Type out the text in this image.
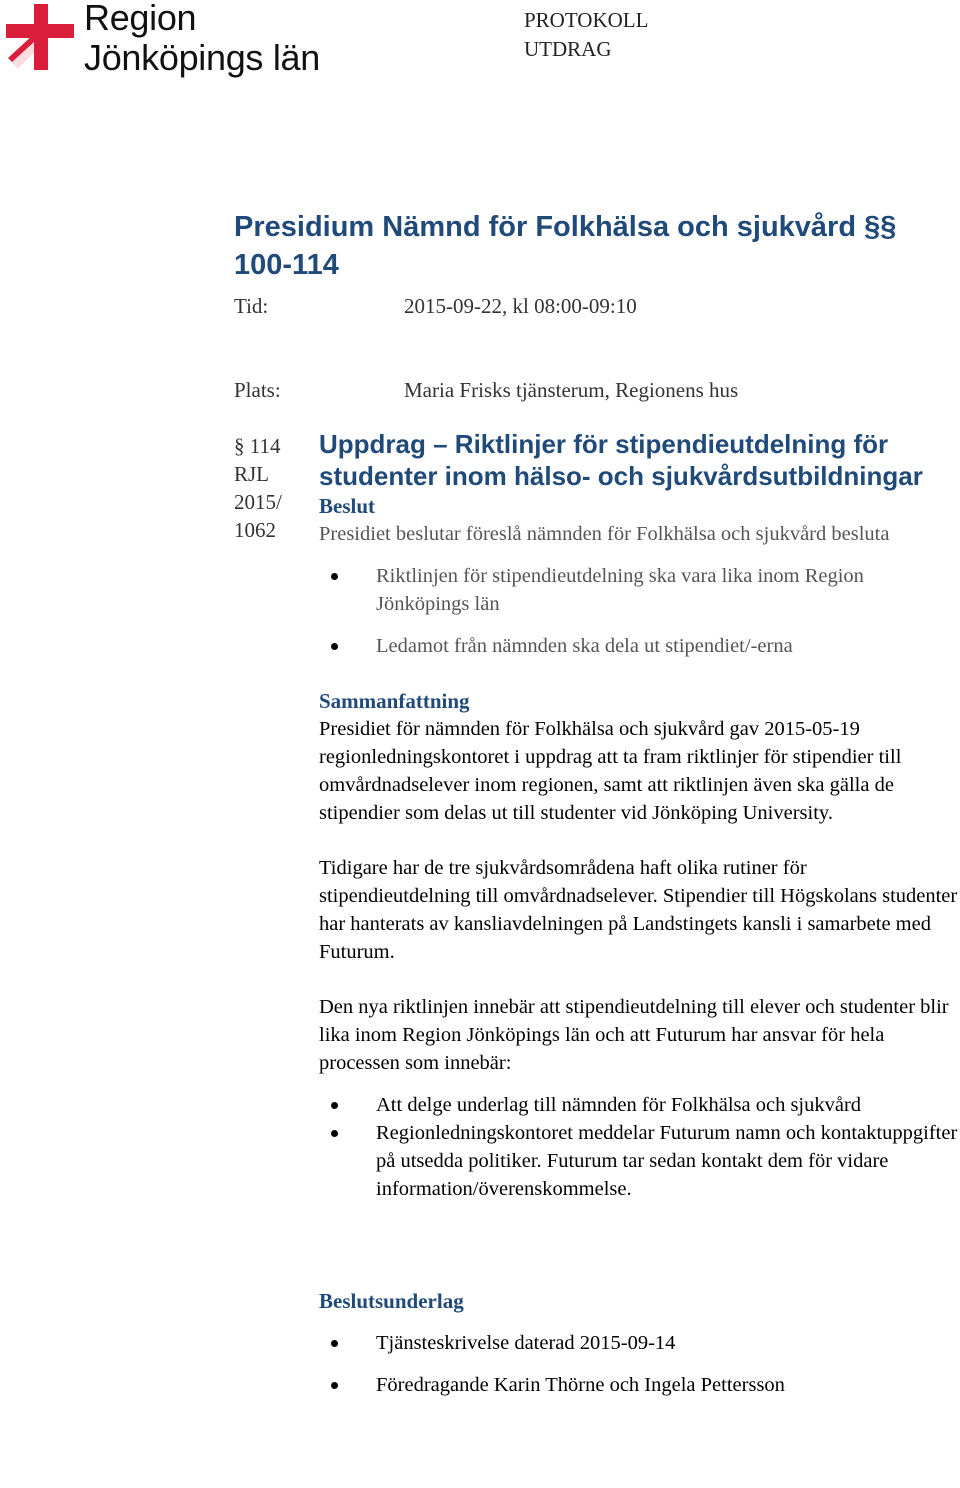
Region
Jönköpings län
PROTOKOLL
UTDRAG
Presidium Nämnd för Folkhälsa och sjukvård §§ 100-114
Tid:	2015-09-22, kl 08:00-09:10
Plats:	Maria Frisks tjänsterum, Regionens hus
§ 114
RJL
2015/
1062
Uppdrag – Riktlinjer för stipendieutdelning för studenter inom hälso- och sjukvårdsutbildningar

Beslut

Presidiet beslutar föreslå nämnden för Folkhälsa och sjukvård besluta

Riktlinjen för stipendieutdelning ska vara lika inom Region Jönköpings län
Ledamot från nämnden ska dela ut stipendiet/-erna

Sammanfattning

Presidiet för nämnden för Folkhälsa och sjukvård gav 2015-05-19 regionledningskontoret i uppdrag att ta fram riktlinjer för stipendier till omvårdnadselever inom regionen, samt att riktlinjen även ska gälla de stipendier som delas ut till studenter vid Jönköping University.

Tidigare har de tre sjukvårdsområdena haft olika rutiner för stipendieutdelning till omvårdnadselever. Stipendier till Högskolans studenter har hanterats av kansliavdelningen på Landstingets kansli i samarbete med Futurum.

Den nya riktlinjen innebär att stipendieutdelning till elever och studenter blir lika inom Region Jönköpings län och att Futurum har ansvar för hela processen som innebär:

Att delge underlag till nämnden för Folkhälsa och sjukvård
Regionledningskontoret meddelar Futurum namn och kontaktuppgifter på utsedda politiker. Futurum tar sedan kontakt dem för vidare information/överenskommelse.

Beslutsunderlag

Tjänsteskrivelse daterad 2015-09-14
Föredragande Karin Thörne och Ingela Pettersson
